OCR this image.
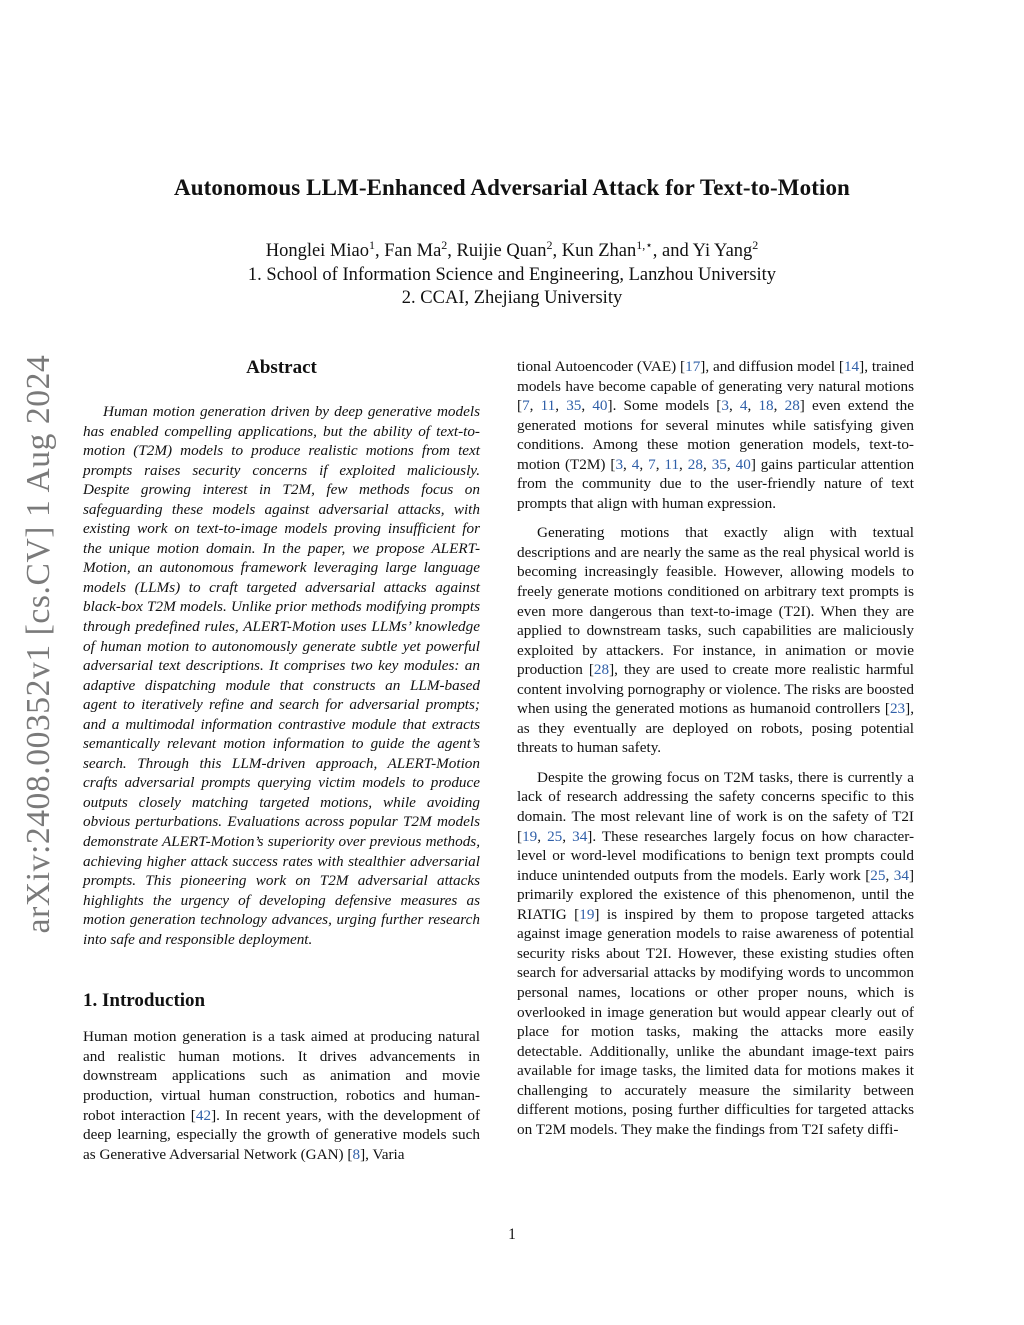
Autonomous LLM-Enhanced Adversarial Attack for Text-to-Motion
Honglei Miao$^1$, Fan Ma$^2$, Ruijie Quan$^2$, Kun Zhan$^{1,⋆}$, and Yi Yang$^2$
1. School of Information Science and Engineering, Lanzhou University
2. CCAI, Zhejiang University
arXiv:2408.00352v1 [cs.CV] 1 Aug 2024	Abstract

Human motion generation driven by deep generative models has enabled compelling applications, but the ability of text-to-motion (T2M) models to produce realistic motions from text prompts raises security concerns if exploited maliciously. Despite growing interest in T2M, few methods focus on safeguarding these models against adversarial attacks, with existing work on text-to-image models proving insufficient for the unique motion domain. In the paper, we propose ALERT-Motion, an autonomous framework leveraging large language models (LLMs) to craft targeted adversarial attacks against black-box T2M models. Unlike prior methods modifying prompts through predefined rules, ALERT-Motion uses LLMs’ knowledge of human motion to autonomously generate subtle yet powerful adversarial text descriptions. It comprises two key modules: an adaptive dispatching module that constructs an LLM-based agent to iteratively refine and search for adversarial prompts; and a multimodal information contrastive module that extracts semantically relevant motion information to guide the agent’s search. Through this LLM-driven approach, ALERT-Motion crafts adversarial prompts querying victim models to produce outputs closely matching targeted motions, while avoiding obvious perturbations. Evaluations across popular T2M models demonstrate ALERT-Motion’s superiority over previous methods, achieving higher attack success rates with stealthier adversarial prompts. This pioneering work on T2M adversarial attacks highlights the urgency of developing defensive measures as motion generation technology advances, urging further research into safe and responsible deployment.

1. Introduction

Human motion generation is a task aimed at producing natural and realistic human motions. It drives advancements in downstream applications such as animation and movie production, virtual human construction, robotics and human-robot interaction [42]. In recent years, with the development of deep learning, especially the growth of generative models such as Generative Adversarial Network (GAN) [8], Varia

tional Autoencoder (VAE) [17], and diffusion model [14], trained models have become capable of generating very natural motions [7, 11, 35, 40]. Some models [3, 4, 18, 28] even extend the generated motions for several minutes while satisfying given conditions. Among these motion generation models, text-to-motion (T2M) [3, 4, 7, 11, 28, 35, 40] gains particular attention from the community due to the user-friendly nature of text prompts that align with human expression.

Generating motions that exactly align with textual descriptions and are nearly the same as the real physical world is becoming increasingly feasible. However, allowing models to freely generate motions conditioned on arbitrary text prompts is even more dangerous than text-to-image (T2I). When they are applied to downstream tasks, such capabilities are maliciously exploited by attackers. For instance, in animation or movie production [28], they are used to create more realistic harmful content involving pornography or violence. The risks are boosted when using the generated motions as humanoid controllers [23], as they eventually are deployed on robots, posing potential threats to human safety.

Despite the growing focus on T2M tasks, there is currently a lack of research addressing the safety concerns specific to this domain. The most relevant line of work is on the safety of T2I [19, 25, 34]. These researches largely focus on how character-level or word-level modifications to benign text prompts could induce unintended outputs from the models. Early work [25, 34] primarily explored the existence of this phenomenon, until the RIATIG [19] is inspired by them to propose targeted attacks against image generation models to raise awareness of potential security risks about T2I. However, these existing studies often search for adversarial attacks by modifying words to uncommon personal names, locations or other proper nouns, which is overlooked in image generation but would appear clearly out of place for motion tasks, making the attacks more easily detectable. Additionally, unlike the abundant image-text pairs available for image tasks, the limited data for motions makes it challenging to accurately measure the similarity between different motions, posing further difficulties for targeted attacks on T2M models. They make the findings from T2I safety diffi-

1
